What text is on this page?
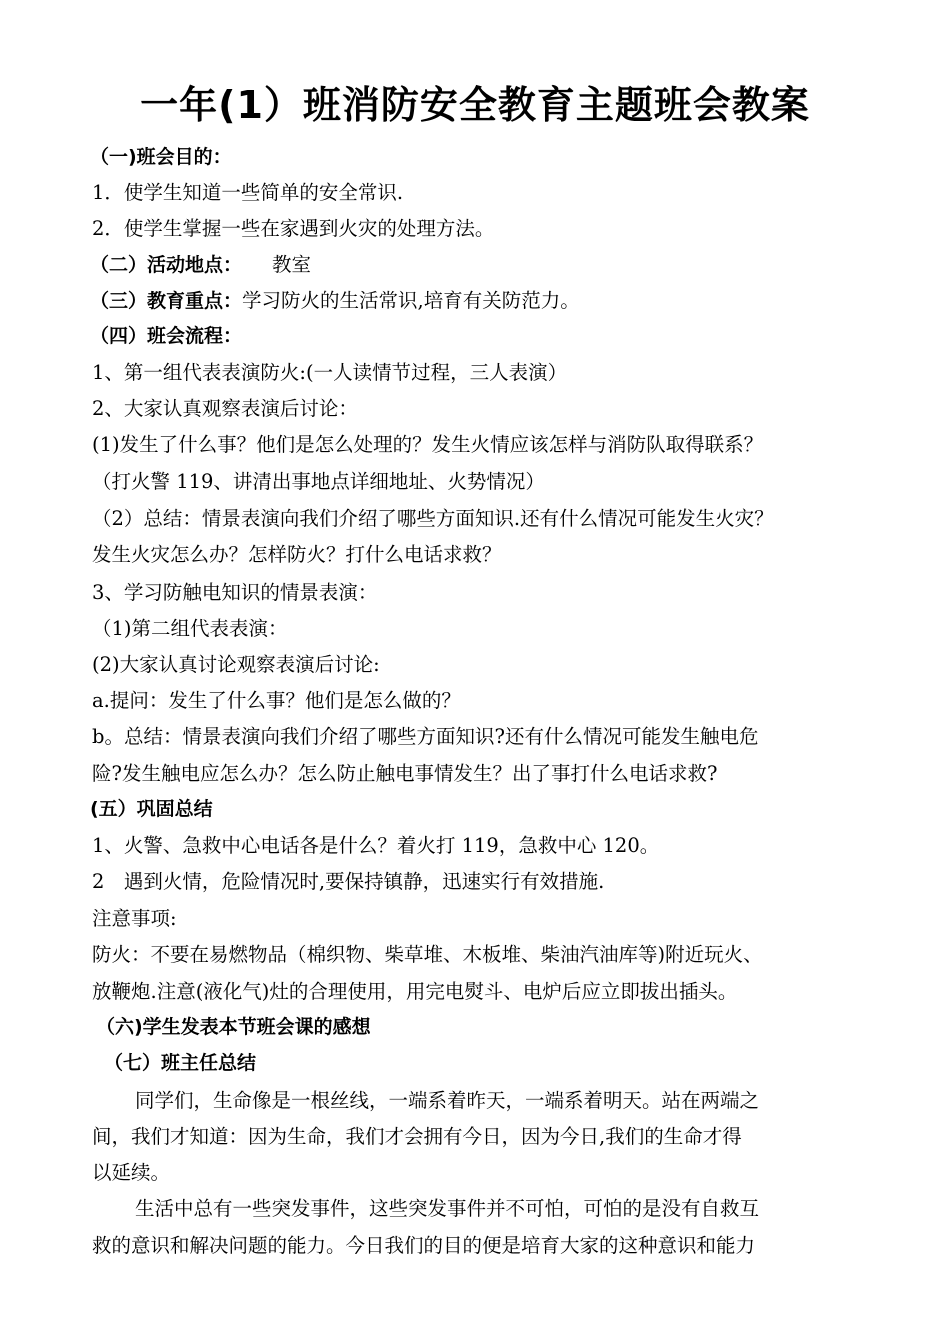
一年(1）班消防安全教育主题班会教案
（一)班会目的：
1．使学生知道一些简单的安全常识.
2．使学生掌握一些在家遇到火灾的处理方法。
（二）活动地点： 教室
（三）教育重点：学习防火的生活常识,培育有关防范力。
（四）班会流程：
1、第一组代表表演防火:(一人读情节过程，三人表演）
2、大家认真观察表演后讨论：
(1)发生了什么事？他们是怎么处理的？发生火情应该怎样与消防队取得联系？
（打火警 119、讲清出事地点详细地址、火势情况）
（2）总结：情景表演向我们介绍了哪些方面知识.还有什么情况可能发生火灾？
发生火灾怎么办？怎样防火？打什么电话求救？
3、学习防触电知识的情景表演：
（1)第二组代表表演：
(2)大家认真讨论观察表演后讨论:
a.提问：发生了什么事？他们是怎么做的？
b。总结：情景表演向我们介绍了哪些方面知识?还有什么情况可能发生触电危
险?发生触电应怎么办？怎么防止触电事情发生？出了事打什么电话求救?
(五）巩固总结
1、火警、急救中心电话各是什么？着火打 119，急救中心 120。
2　遇到火情，危险情况时,要保持镇静，迅速实行有效措施.
注意事项:
防火：不要在易燃物品（棉织物、柴草堆、木板堆、柴油汽油库等)附近玩火、
放鞭炮.注意(液化气)灶的合理使用，用完电熨斗、电炉后应立即拔出插头。
（六)学生发表本节班会课的感想
（七）班主任总结
同学们，生命像是一根丝线，一端系着昨天，一端系着明天。站在两端之
间，我们才知道：因为生命，我们才会拥有今日，因为今日,我们的生命才得
以延续。
生活中总有一些突发事件，这些突发事件并不可怕，可怕的是没有自救互
救的意识和解决问题的能力。今日我们的目的便是培育大家的这种意识和能力
